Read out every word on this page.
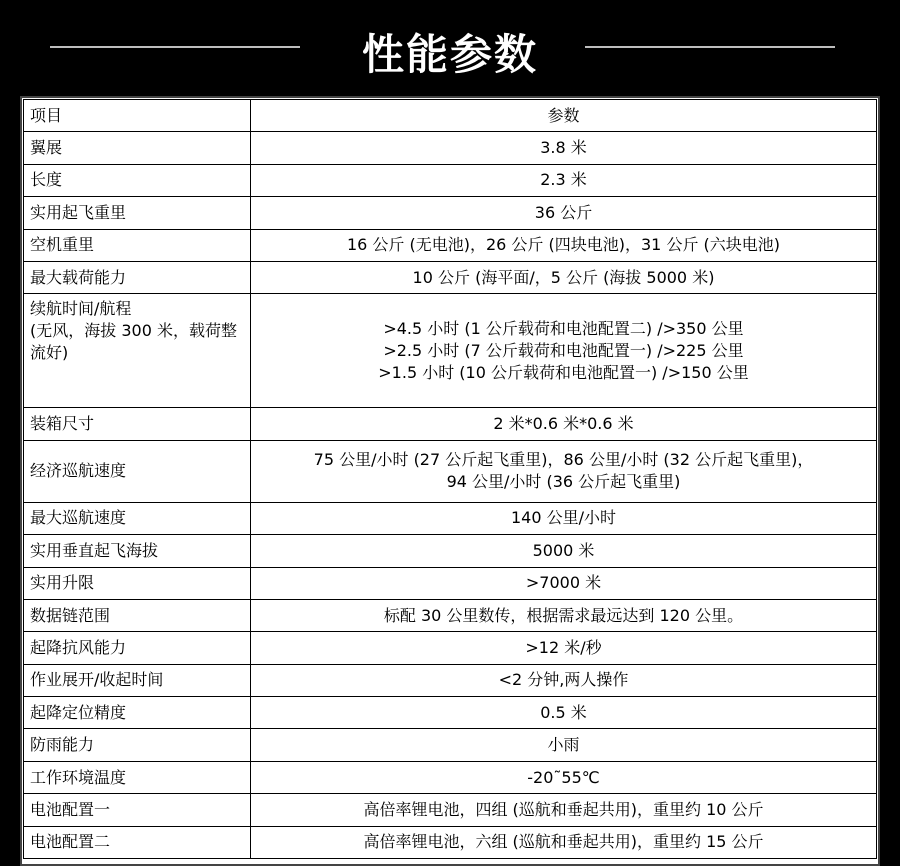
性能参数
项目	参数

翼展	3.8 米

长度	2.3 米

实用起飞重里	36 公斤

空机重里	16 公斤 (无电池)，26 公斤 (四块电池)，31 公斤 (六块电池)

最大载荷能力	10 公斤 (海平面/，5 公斤 (海拔 5000 米)

续航时间/航程
(无风，海拔 300 米，载荷整流好)	>4.5 小时 (1 公斤载荷和电池配置二) />350 公里
>2.5 小时 (7 公斤载荷和电池配置一) />225 公里
>1.5 小时 (10 公斤载荷和电池配置一) />150 公里

装箱尺寸	2 米*0.6 米*0.6 米

经济巡航速度	75 公里/小时 (27 公斤起飞重里)，86 公里/小时 (32 公斤起飞重里)，
94 公里/小时 (36 公斤起飞重里)

最大巡航速度	140 公里/小时

实用垂直起飞海拔	5000 米

实用升限	>7000 米

数据链范围	标配 30 公里数传，根据需求最远达到 120 公里。

起降抗风能力	>12 米/秒

作业展开/收起时间	<2 分钟,两人操作

起降定位精度	0.5 米

防雨能力	小雨

工作环境温度	-20˜55℃

电池配置一	高倍率锂电池，四组 (巡航和垂起共用)，重里约 10 公斤

电池配置二	高倍率锂电池，六组 (巡航和垂起共用)，重里约 15 公斤
